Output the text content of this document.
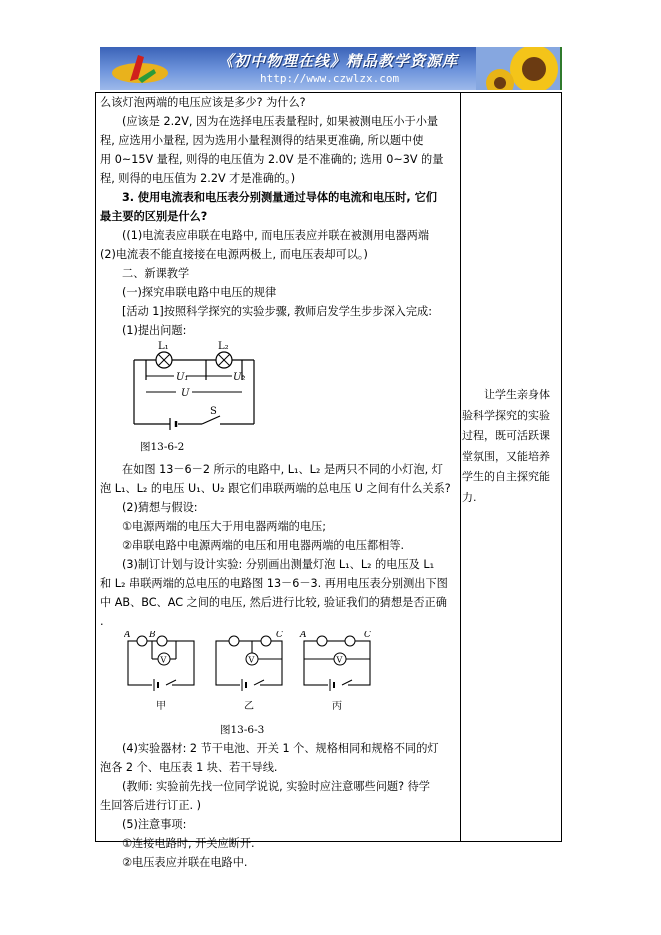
《初中物理在线》精品教学资源库
http://www.czwlzx.com

么该灯泡两端的电压应该是多少? 为什么?

(应该是 2.2V, 因为在选择电压表量程时, 如果被测电压小于小量

程, 应选用小量程, 因为选用小量程测得的结果更准确, 所以题中使

用 0~15V 量程, 则得的电压值为 2.0V 是不准确的; 选用 0~3V 的量

程, 则得的电压值为 2.2V 才是准确的。)

3. 使用电流表和电压表分别测量通过导体的电流和电压时, 它们

最主要的区别是什么?

((1)电流表应串联在电路中, 而电压表应并联在被测用电器两端

(2)电流表不能直接接在电源两极上, 而电压表却可以。)

二、新课教学

(一)探究串联电路中电压的规律

[活动 1]按照科学探究的实验步骤, 教师启发学生步步深入完成:

(1)提出问题:

L₁	L₂
U₁	U₂
U
S
图13-6-2

在如图 13－6－2 所示的电路中, L₁、L₂ 是两只不同的小灯泡, 灯

泡 L₁、L₂ 的电压 U₁、U₂ 跟它们串联两端的总电压 U 之间有什么关系?

(2)猜想与假设:

①电源两端的电压大于用电器两端的电压;

②串联电路中电源两端的电压和用电器两端的电压都相等.

(3)制订计划与设计实验: 分别画出测量灯泡 L₁、L₂ 的电压及 L₁

和 L₂ 串联两端的总电压的电路图 13－6－3. 再用电压表分别测出下图

中 AB、BC、AC 之间的电压, 然后进行比较, 验证我们的猜想是否正确

.

V
A B
甲
V
C
乙
V
A	C
丙
图13-6-3

(4)实验器材: 2 节干电池、开关 1 个、规格相同和规格不同的灯

泡各 2 个、电压表 1 块、若干导线.

(教师: 实验前先找一位同学说说, 实验时应注意哪些问题? 待学

生回答后进行订正. )

(5)注意事项:

①连接电路时, 开关应断开.

②电压表应并联在电路中.

让学生亲身体验科学探究的实验过程，既可活跃课堂氛围，又能培养学生的自主探究能力.
